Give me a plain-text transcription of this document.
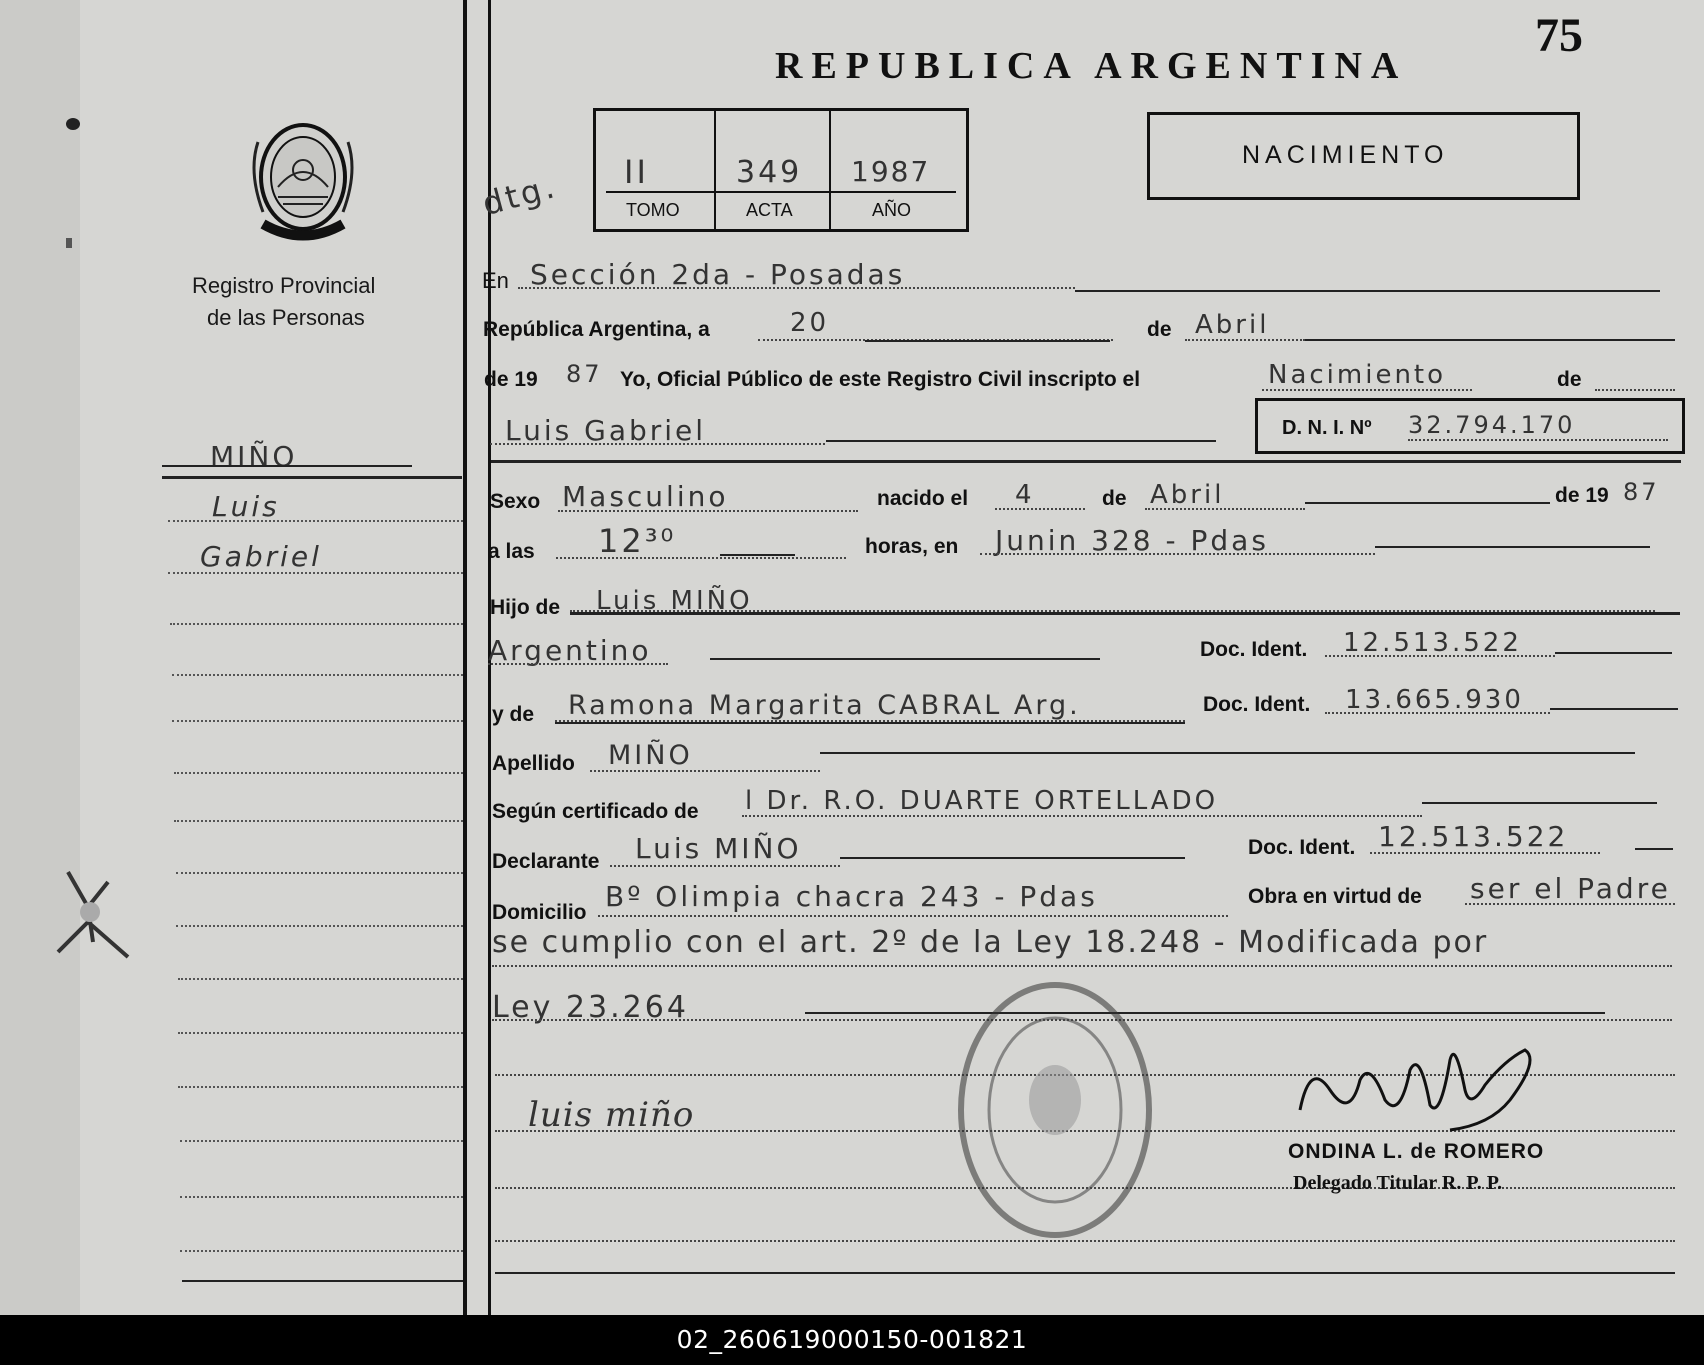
75
REPUBLICA ARGENTINA
Registro Provincial
de las Personas
II
TOMO
349
ACTA
1987
AÑO
dtg.
NACIMIENTO
MIÑO
Luis
Gabriel
En Sección 2da - Posadas
República Argentina, a	20	de Abril
de 19 87 Yo, Oficial Público de este Registro Civil inscripto el	Nacimiento	de
Luis Gabriel	D. N. I. Nº 32.794.170
Sexo Masculino	nacido el 4	de Abril	de 19 87
a las 12³⁰	horas, en Junin 328 - Pdas
Hijo de Luis MIÑO
Argentino	Doc. Ident. 12.513.522
y de Ramona Margarita CABRAL Arg.	Doc. Ident. 13.665.930
Apellido MIÑO
Según certificado de l Dr. R.O. DUARTE ORTELLADO
Declarante Luis MIÑO	Doc. Ident. 12.513.522
Domicilio Bº Olimpia chacra 243 - Pdas	Obra en virtud de ser el Padre
se cumplio con el art. 2º de la Ley 18.248 - Modificada por
Ley 23.264
luis miño
ONDINA L. de ROMERO
Delegado Titular R. P. P.
02_260619000150-001821
